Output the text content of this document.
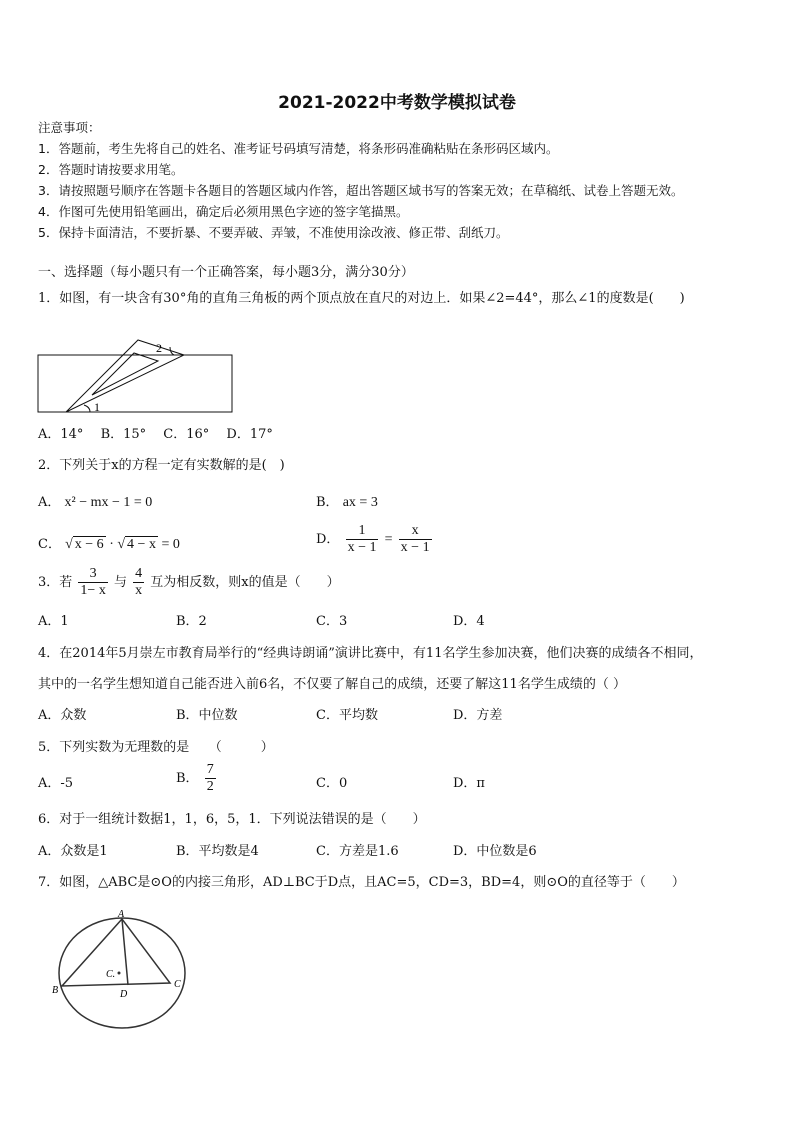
2021-2022中考数学模拟试卷
注意事项：
1．答题前，考生先将自己的姓名、准考证号码填写清楚，将条形码准确粘贴在条形码区域内。
2．答题时请按要求用笔。
3．请按照题号顺序在答题卡各题目的答题区域内作答，超出答题区域书写的答案无效；在草稿纸、试卷上答题无效。
4．作图可先使用铅笔画出，确定后必须用黑色字迹的签字笔描黑。
5．保持卡面清洁，不要折暴、不要弄破、弄皱，不准使用涂改液、修正带、刮纸刀。
一、选择题（每小题只有一个正确答案，每小题3分，满分30分）
1．如图，有一块含有30°角的直角三角板的两个顶点放在直尺的对边上．如果∠2=44°，那么∠1的度数是(　　)
1
2
A．14°　 B．15°　 C．16°　 D．17°
2．下列关于x的方程一定有实数解的是(　)
A． x² − mx − 1 = 0	B． ax = 3
C． √ x − 6 · √ 4 − x = 0	D． $\frac{1}{x - 1} = \frac{x}{x - 1}$
3．若 $\frac{3}{1- x}$ 与 $\frac{4}{x}$ 互为相反数，则x的值是（　　）
A．1	B．2	C．3	D．4
4．在2014年5月崇左市教育局举行的“经典诗朗诵”演讲比赛中，有11名学生参加决赛，他们决赛的成绩各不相同，
其中的一名学生想知道自己能否进入前6名，不仅要了解自己的成绩，还要了解这11名学生成绩的（ ）
A．众数	B．中位数	C．平均数	D．方差
5．下列实数为无理数的是　　（　　　）
A．-5	B． $\frac{7}{2}$	C．0	D．π
6．对于一组统计数据1，1，6，5，1．下列说法错误的是（　　）
A．众数是1	B．平均数是4	C．方差是1.6	D．中位数是6
7．如图，△ABC是⊙O的内接三角形，AD⊥BC于D点，且AC=5，CD=3，BD=4，则⊙O的直径等于（　　）
A
B
C
D
C.
